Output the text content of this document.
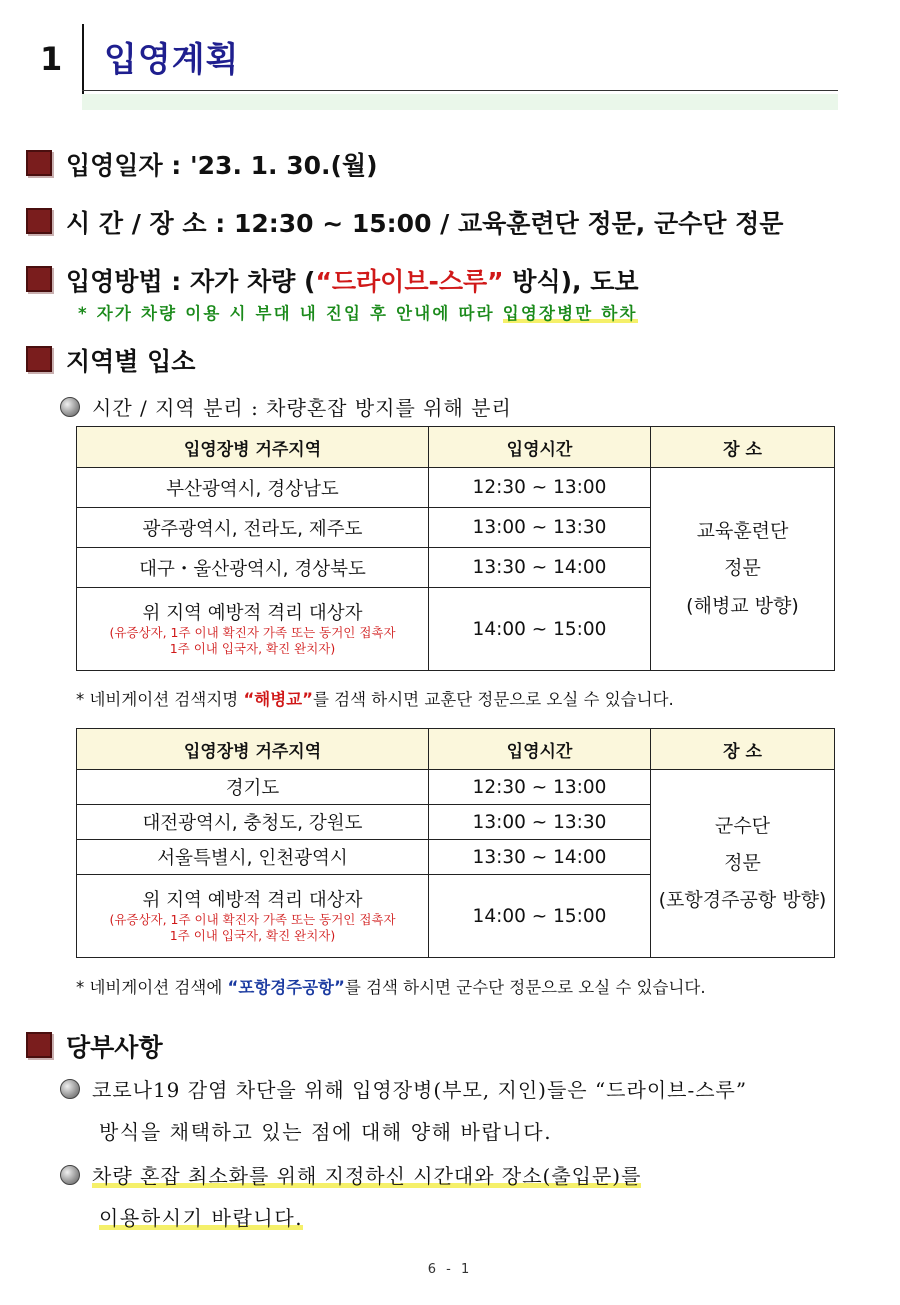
1 입영계획
입영일자 : '23. 1. 30.(월)
시 간 / 장 소 : 12:30 ~ 15:00 / 교육훈련단 정문, 군수단 정문
입영방법 : 자가 차량 (“드라이브-스루” 방식), 도보
* 자가 차량 이용 시 부대 내 진입 후 안내에 따라 입영장병만 하차
지역별 입소
시간 / 지역 분리 : 차량혼잡 방지를 위해 분리
입영장병 거주지역	입영시간	장 소
부산광역시, 경상남도	12:30 ~ 13:00	교육훈련단
정문
(해병교 방향)

광주광역시, 전라도, 제주도	13:00 ~ 13:30	
대구・울산광역시, 경상북도	13:30 ~ 14:00	

위 지역 예방적 격리 대상자
(유증상자, 1주 이내 확진자 가족 또는 동거인 접촉자
1주 이내 입국자, 확진 완치자)	14:00 ~ 15:00	
* 네비게이션 검색지명 “해병교”를 검색 하시면 교훈단 정문으로 오실 수 있습니다.
입영장병 거주지역	입영시간	장 소
경기도	12:30 ~ 13:00	군수단
정문
(포항경주공항 방향)

대전광역시, 충청도, 강원도	13:00 ~ 13:30	
서울특별시, 인천광역시	13:30 ~ 14:00	

위 지역 예방적 격리 대상자
(유증상자, 1주 이내 확진자 가족 또는 동거인 접촉자
1주 이내 입국자, 확진 완치자)	14:00 ~ 15:00	
* 네비게이션 검색에 “포항경주공항”를 검색 하시면 군수단 정문으로 오실 수 있습니다.
당부사항
코로나19 감염 차단을 위해 입영장병(부모, 지인)들은 “드라이브-스루”
방식을 채택하고 있는 점에 대해 양해 바랍니다.
차량 혼잡 최소화를 위해 지정하신 시간대와 장소(출입문)를
이용하시기 바랍니다.
6 - 1
